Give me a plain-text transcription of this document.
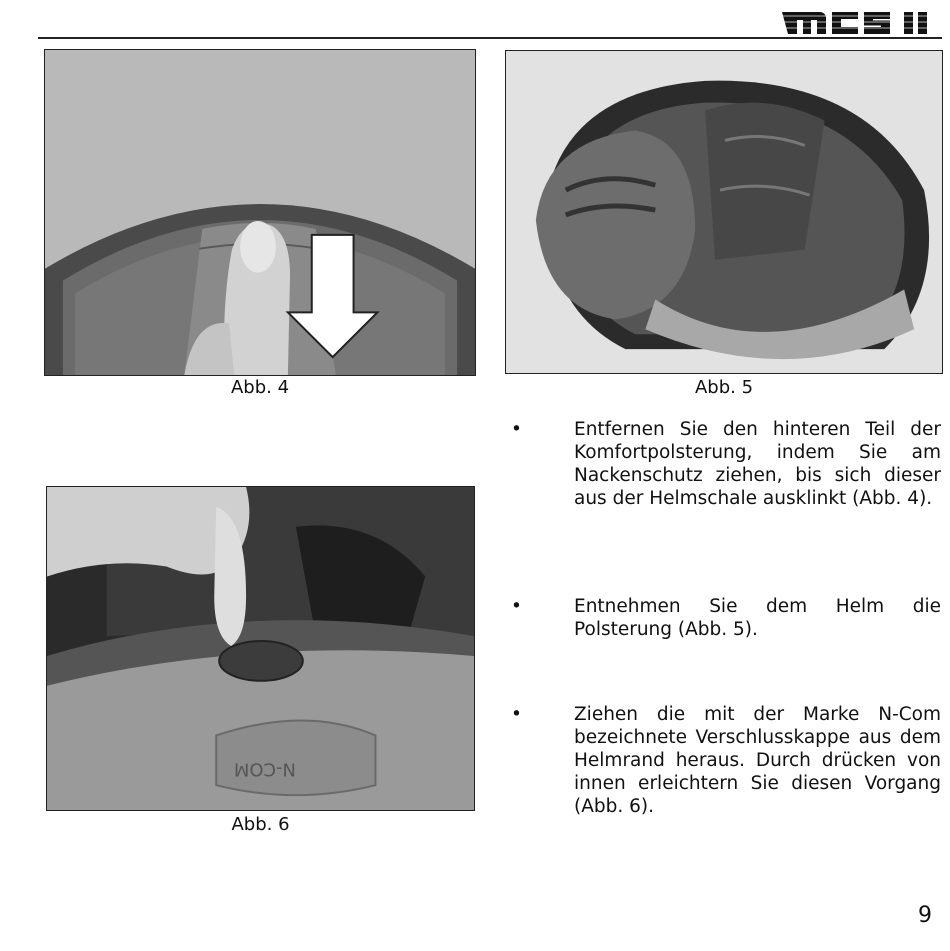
Abb. 4	Abb. 5
N-COM
Abb. 6
•	Entfernen Sie den hinteren Teil der Komfortpolsterung, indem Sie am Nackenschutz ziehen, bis sich dieser aus der Helmschale ausklinkt (Abb. 4).
•	Entnehmen Sie dem Helm die Polsterung (Abb. 5).
•	Ziehen die mit der Marke N-Com bezeichnete Verschlusskappe aus dem Helmrand heraus. Durch drücken von innen erleichtern Sie diesen Vorgang (Abb. 6).
9
